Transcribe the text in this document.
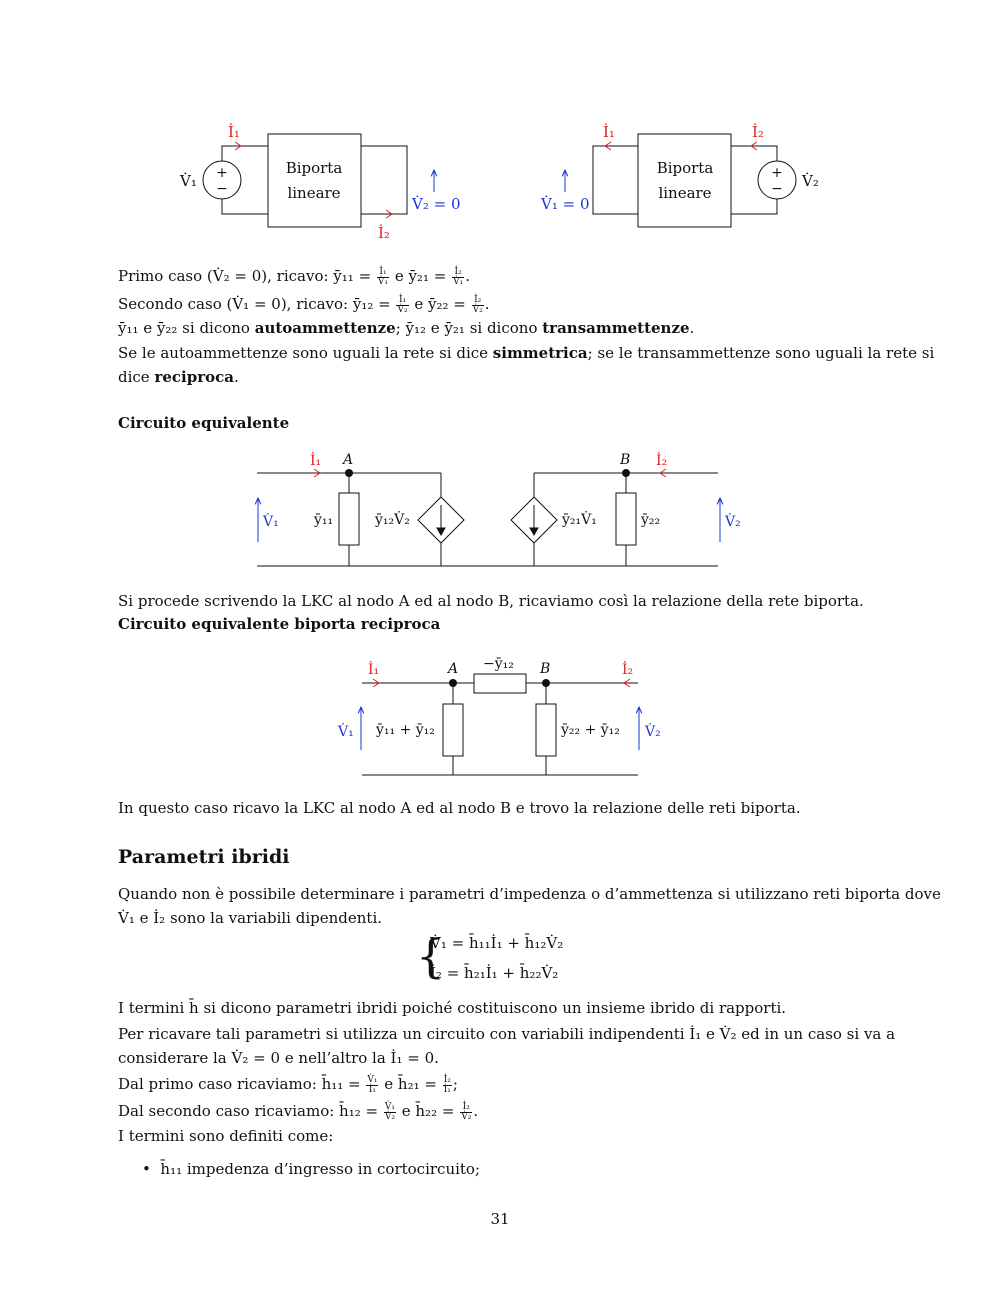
+
−
Biporta
lineare
V̇₁
İ₁
İ₂
V̇₂ = 0
+
−
Biporta
lineare
V̇₂
İ₁	İ₂
V̇₁ = 0
İ₁ A	B İ₂
V̇₁	V̇₂
ȳ₁₁	ȳ₁₂V̇₂	ȳ₂₁V̇₁	ȳ₂₂
İ₁	A	B	İ₂
−ȳ₁₂
V̇₁	V̇₂
ȳ₁₁ + ȳ₁₂	ȳ₂₂ + ȳ₁₂
Primo caso (V̇₂ = 0), ricavo: ȳ₁₁ = $\frac{\text{İ₁}}{\text{V̇₁}}$ e ȳ₂₁ = $\frac{\text{İ₂}}{\text{V̇₁}}$ .
Secondo caso (V̇₁ = 0), ricavo: ȳ₁₂ = $\frac{\text{İ₁}}{\text{V̇₂}}$ e ȳ₂₂ = $\frac{\text{İ₂}}{\text{V̇₂}}$ .
ȳ₁₁ e ȳ₂₂ si dicono autoammettenze; ȳ₁₂ e ȳ₂₁ si dicono transammettenze.
Se le autoammettenze sono uguali la rete si dice simmetrica; se le transammettenze sono uguali la rete si
dice reciproca.
Circuito equivalente
Si procede scrivendo la LKC al nodo A ed al nodo B, ricaviamo così la relazione della rete biporta.
Circuito equivalente biporta reciproca
In questo caso ricavo la LKC al nodo A ed al nodo B e trovo la relazione delle reti biporta.
Parametri ibridi
Quando non è possibile determinare i parametri d’impedenza o d’ammettenza si utilizzano reti biporta dove
V̇₁ e İ₂ sono la variabili dipendenti.
{
V̇₁ = h̄₁₁İ₁ + h̄₁₂V̇₂
İ₂ = h̄₂₁İ₁ + h̄₂₂V̇₂
I termini h̄ si dicono parametri ibridi poiché costituiscono un insieme ibrido di rapporti.
Per ricavare tali parametri si utilizza un circuito con variabili indipendenti İ₁ e V̇₂ ed in un caso si va a
considerare la V̇₂ = 0 e nell’altro la İ₁ = 0.
Dal primo caso ricaviamo: h̄₁₁ = $\frac{\text{V̇₁}}{\text{İ₁}}$ e h̄₂₁ = $\frac{\text{İ₂}}{\text{İ₁}}$ ;
Dal secondo caso ricaviamo: h̄₁₂ = $\frac{\text{V̇₁}}{\text{V̇₂}}$ e h̄₂₂ = $\frac{\text{İ₂}}{\text{V̇₂}}$ .
I termini sono definiti come:
• h̄₁₁ impedenza d’ingresso in cortocircuito;
31
